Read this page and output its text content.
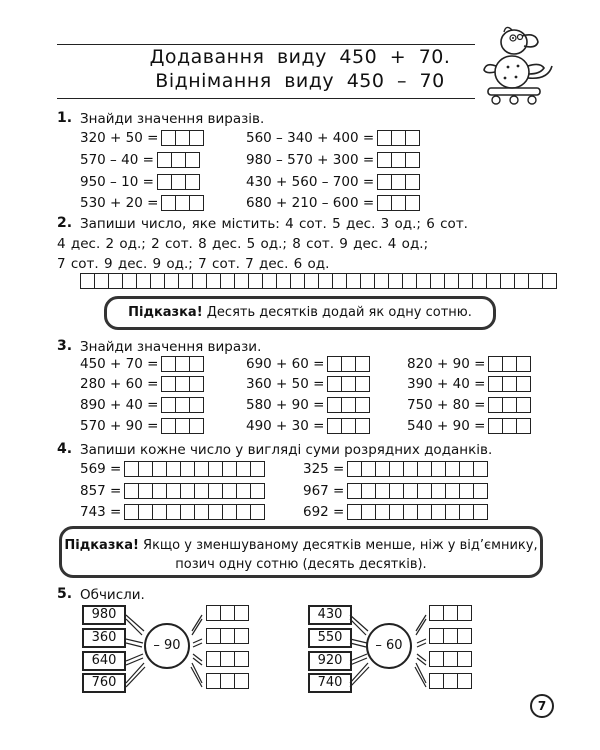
Додавання виду 450 + 70.
Віднімання виду 450 – 70
1. Знайди значення виразів.
320 + 50 =
570 – 40 =
950 – 10 =
530 + 20 =
560 – 340 + 400 =
980 – 570 + 300 =
430 + 560 – 700 =
680 + 210 – 600 =
2. Запиши число, яке містить: 4 сот. 5 дес. 3 од.; 6 сот.
4 дес. 2 од.; 2 сот. 8 дес. 5 од.; 8 сот. 9 дес. 4 од.;
7 сот. 9 дес. 9 од.; 7 сот. 7 дес. 6 од.
Підказка! Десять десятків додай як одну сотню.
3. Знайди значення вирази.
450 + 70 =
280 + 60 =
890 + 40 =
570 + 90 =
690 + 60 =
360 + 50 =
580 + 90 =
490 + 30 =
820 + 90 =
390 + 40 =
750 + 80 =
540 + 90 =
4. Запиши кожне число у вигляді суми розрядних доданків.
569 =
857 =
743 =
325 =
967 =
692 =
Підказка! Якщо у зменшуваному десятків менше, ніж у від’ємнику,
позич одну сотню (десять десятків).
5. Обчисли.
980
360
640
760
– 90
430
550
920
740
– 60
7
